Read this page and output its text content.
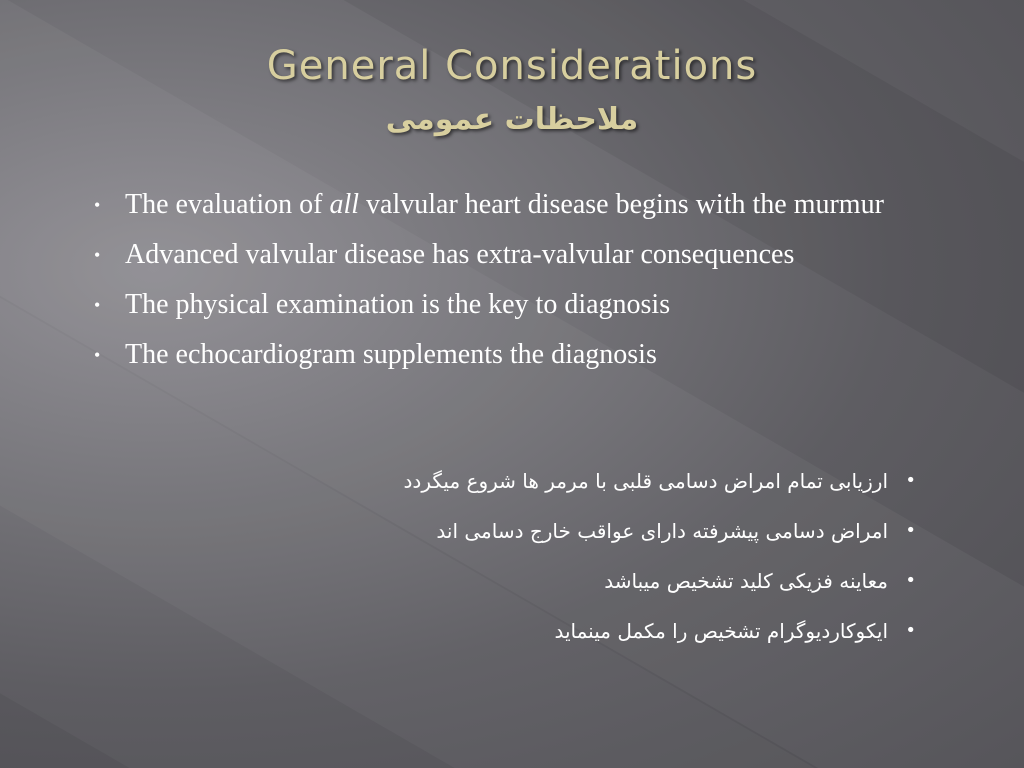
General Considerations
ملاحظات عمومی
• The evaluation of all valvular heart disease begins with the murmur
• Advanced valvular disease has extra-valvular consequences
• The physical examination is the key to diagnosis
• The echocardiogram supplements the diagnosis
•
ارزیابی تمام امراض دسامی قلبی با مرمر ها شروع میگردد
•
امراض دسامی پیشرفته دارای عواقب خارج دسامی اند
•
معاینه فزیکی کلید تشخیص میباشد
•
ایکوکاردیوگرام تشخیص را مکمل مینماید
